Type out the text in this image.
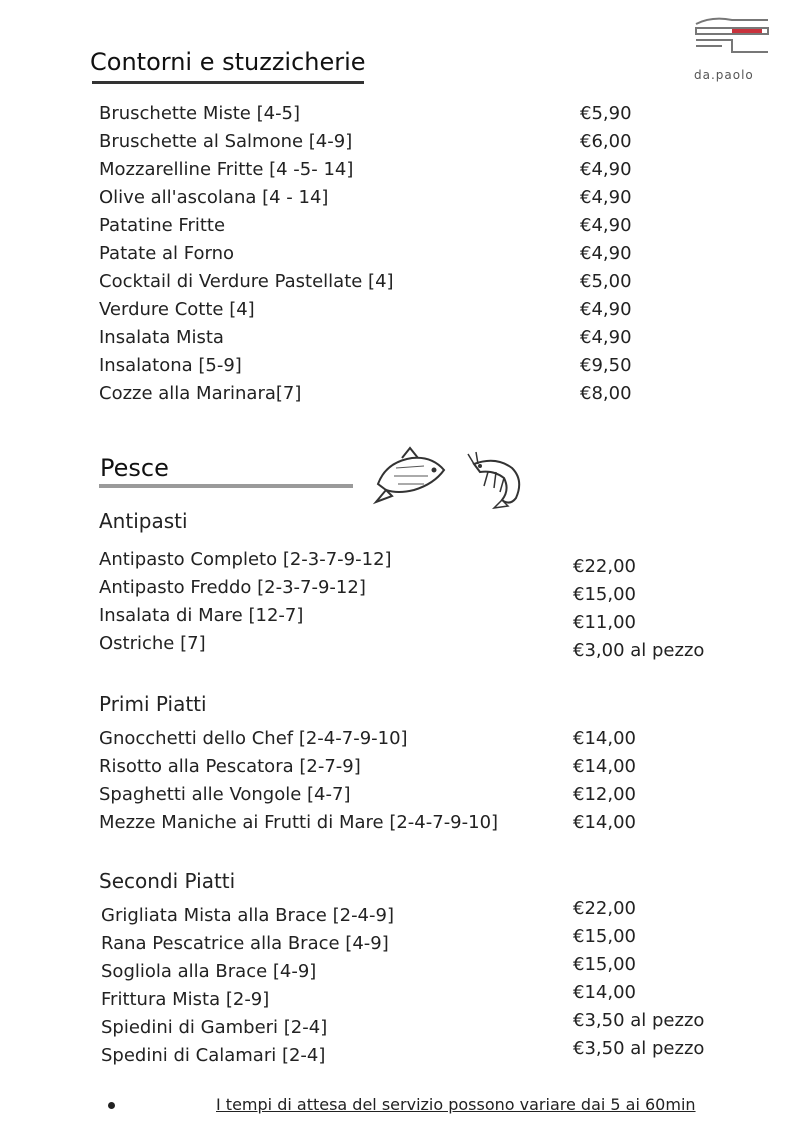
da.paolo
Contorni e stuzzicherie
Bruschette Miste [4-5]	€5,90
Bruschette al Salmone [4-9]	€6,00
Mozzarelline Fritte [4 -5- 14]	€4,90
Olive all'ascolana [4 - 14]	€4,90
Patatine Fritte	€4,90
Patate al Forno	€4,90
Cocktail di Verdure Pastellate [4]	€5,00
Verdure Cotte [4]	€4,90
Insalata Mista	€4,90
Insalatona [5-9]	€9,50
Cozze alla Marinara[7]	€8,00
Pesce
Antipasti
Antipasto Completo [2-3-7-9-12]	€22,00
Antipasto Freddo [2-3-7-9-12]	€15,00
Insalata di Mare [12-7]	€11,00
Ostriche [7]	€3,00 al pezzo
Primi Piatti
Gnocchetti dello Chef [2-4-7-9-10]	€14,00
Risotto alla Pescatora [2-7-9]	€14,00
Spaghetti alle Vongole [4-7]	€12,00
Mezze Maniche ai Frutti di Mare [2-4-7-9-10]	€14,00
Secondi Piatti
Grigliata Mista alla Brace [2-4-9]	€22,00
Rana Pescatrice alla Brace [4-9]	€15,00
Sogliola alla Brace [4-9]	€15,00
Frittura Mista [2-9]	€14,00
Spiedini di Gamberi [2-4]	€3,50 al pezzo
Spedini di Calamari [2-4]	€3,50 al pezzo
I tempi di attesa del servizio possono variare dai 5 ai 60min
